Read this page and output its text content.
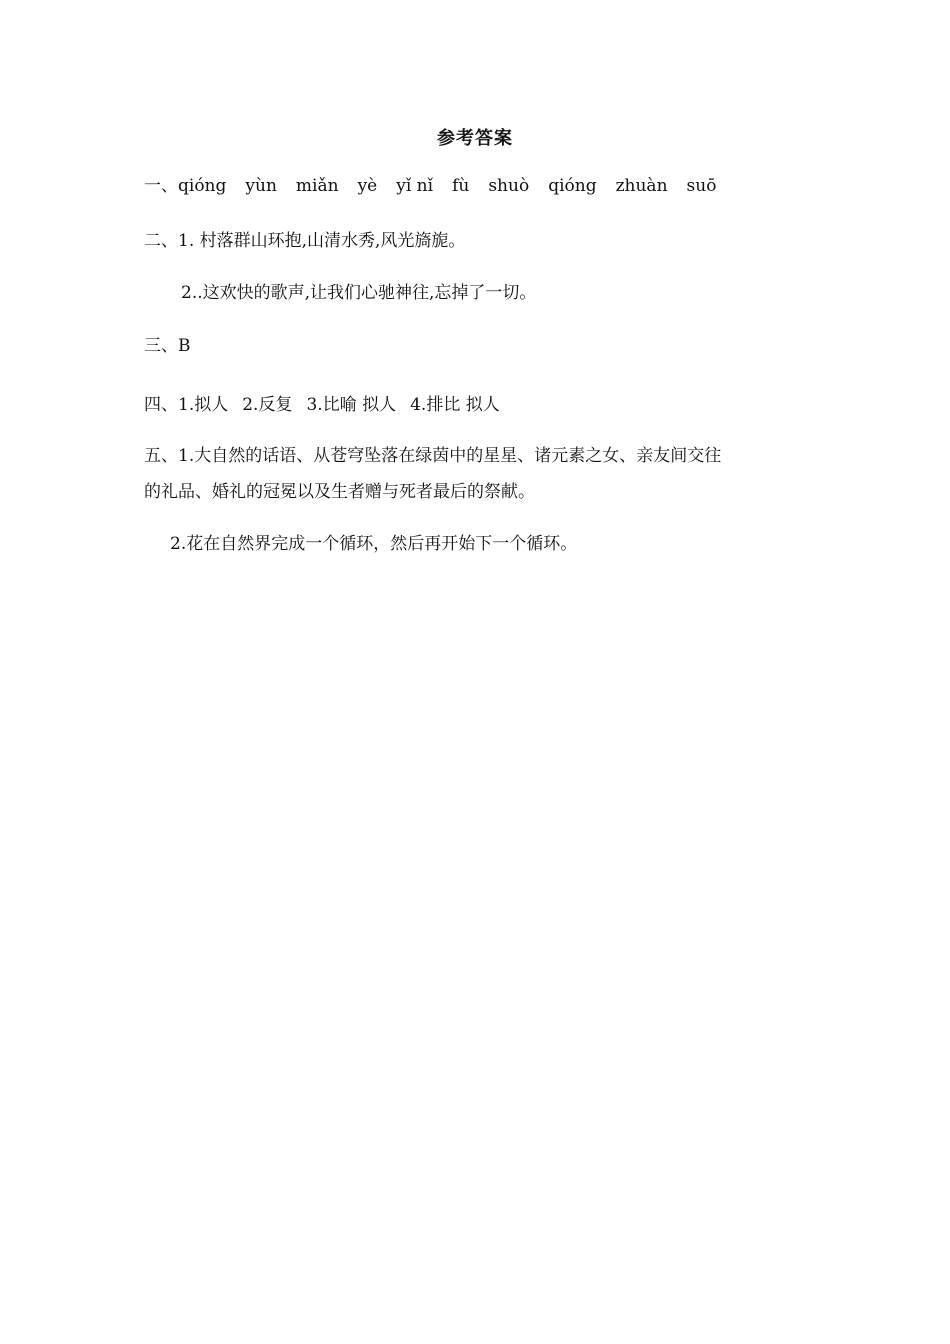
参考答案
一、qióng yùn miǎn yè yǐ nǐ fù shuò qióng zhuàn suō
二、1. 村落群山环抱,山清水秀,风光旖旎。
2..这欢快的歌声,让我们心驰神往,忘掉了一切。
三、B
四、1.拟人 2.反复 3.比喻 拟人 4.排比 拟人
五、1.大自然的话语、从苍穹坠落在绿茵中的星星、诸元素之女、亲友间交往
的礼品、婚礼的冠冕以及生者赠与死者最后的祭献。
2.花在自然界完成一个循环，然后再开始下一个循环。
